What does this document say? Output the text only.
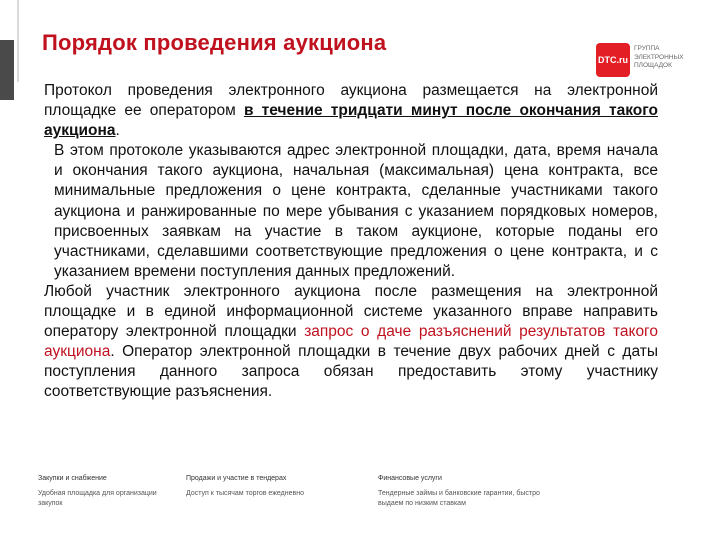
Порядок проведения аукциона
DTC.ru
ГРУППА
ЭЛЕКТРОННЫХ
ПЛОЩАДОК

Протокол проведения электронного аукциона размещается на электронной площадке ее оператором в течение тридцати минут после окончания такого аукциона.

В этом протоколе указываются адрес электронной площадки, дата, время начала и окончания такого аукциона, начальная (максимальная) цена контракта, все минимальные предложения о цене контракта, сделанные участниками такого аукциона и ранжированные по мере убывания с указанием порядковых номеров, присвоенных заявкам на участие в таком аукционе, которые поданы его участниками, сделавшими соответствующие предложения о цене контракта, и с указанием времени поступления данных предложений.

Любой участник электронного аукциона после размещения на электронной площадке и в единой информационной системе указанного вправе направить оператору электронной площадки запрос о даче разъяснений результатов такого аукциона. Оператор электронной площадки в течение двух рабочих дней с даты поступления данного запроса обязан предоставить этому участнику соответствующие разъяснения.

Закупки и снабжение
Удобная площадка для организации закупок
Продажи и участие в тендерах
Доступ к тысячам торгов ежедневно
Финансовые услуги
Тендерные займы и банковские гарантии, быстро выдаем по низким ставкам
